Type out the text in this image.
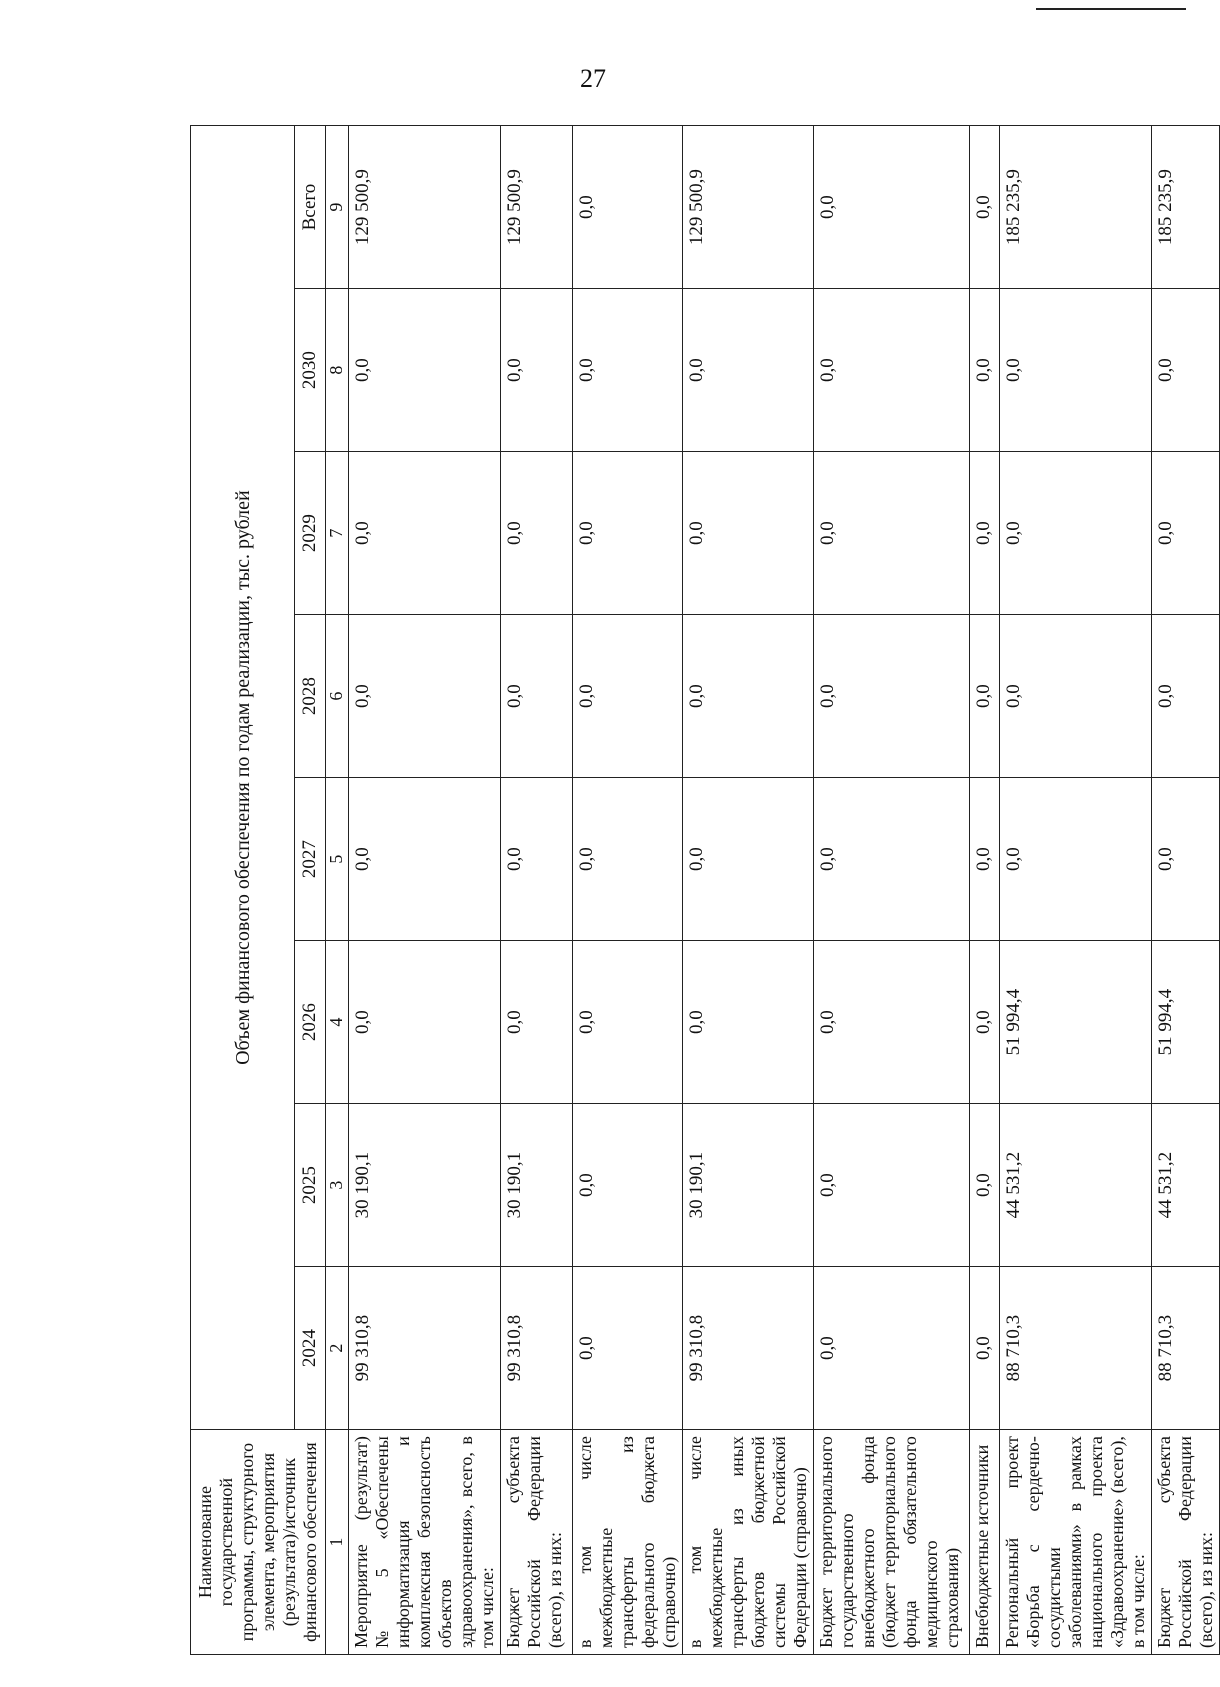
27
Наименование государственной программы, структурного элемента, мероприятия (результата)/источник финансового обеспечения	Объем финансового обеспечения по годам реализации, тыс. рублей							
	2024	2025	2026	2027	2028	2029	2030	Всего
1	2	3	4	5	6	7	8	9
Мероприятие (результат) № 5 «Обеспечены информатизация и комплексная безопасность объектов здравоохранения», всего, в том числе:	99 310,8	30 190,1	0,0	0,0	0,0	0,0	0,0	129 500,9
Бюджет субъекта Российской Федерации (всего), из них:	99 310,8	30 190,1	0,0	0,0	0,0	0,0	0,0	129 500,9
в том числе межбюджетные трансферты из федерального бюджета (справочно)	0,0	0,0	0,0	0,0	0,0	0,0	0,0	0,0
в том числе межбюджетные трансферты из иных бюджетов бюджетной системы Российской Федерации (справочно)	99 310,8	30 190,1	0,0	0,0	0,0	0,0	0,0	129 500,9
Бюджет территориального государственного внебюджетного фонда (бюджет территориального фонда обязательного медицинского страхования)	0,0	0,0	0,0	0,0	0,0	0,0	0,0	0,0
Внебюджетные источники	0,0	0,0	0,0	0,0	0,0	0,0	0,0	0,0
Региональный проект «Борьба с сердечно-сосудистыми заболеваниями» в рамках национального проекта «Здравоохранение» (всего), в том числе:	88 710,3	44 531,2	51 994,4	0,0	0,0	0,0	0,0	185 235,9
Бюджет субъекта Российской Федерации (всего), из них:	88 710,3	44 531,2	51 994,4	0,0	0,0	0,0	0,0	185 235,9
